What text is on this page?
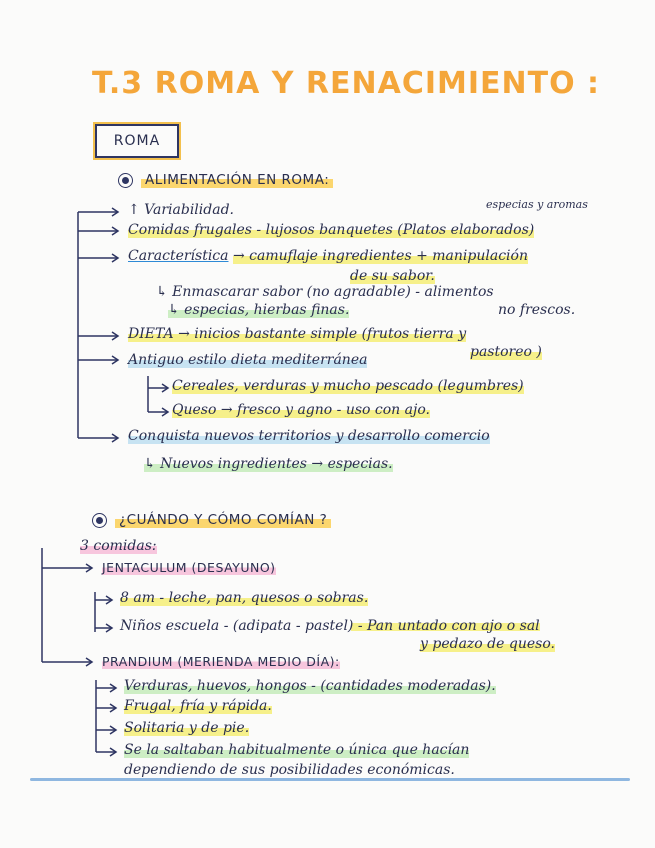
T.3 ROMA Y RENACIMIENTO :
ROMA
ALIMENTACIÓN EN ROMA:
especias y aromas
↑ Variabilidad.
Comidas frugales - lujosos banquetes (Platos elaborados)
Característica → camuflaje ingredientes + manipulación
de su sabor.
↳ Enmascarar sabor (no agradable) - alimentos
no frescos.
↳ especias, hierbas finas.
DIETA → inicios bastante simple (frutos tierra y
pastoreo )
Antiguo estilo dieta mediterránea
Cereales, verduras y mucho pescado (legumbres)
Queso → fresco y agno - uso con ajo.
Conquista nuevos territorios y desarrollo comercio
↳ Nuevos ingredientes → especias.
¿CUÁNDO Y CÓMO COMÍAN ?
3 comidas:
JENTACULUM (DESAYUNO)
8 am - leche, pan, quesos o sobras.
Niños escuela - (adipata - pastel) - Pan untado con ajo o sal
y pedazo de queso.
PRANDIUM (MERIENDA MEDIO DÍA):
Verduras, huevos, hongos - (cantidades moderadas).
Frugal, fría y rápida.
Solitaria y de pie.
Se la saltaban habitualmente o única que hacían
dependiendo de sus posibilidades económicas.
